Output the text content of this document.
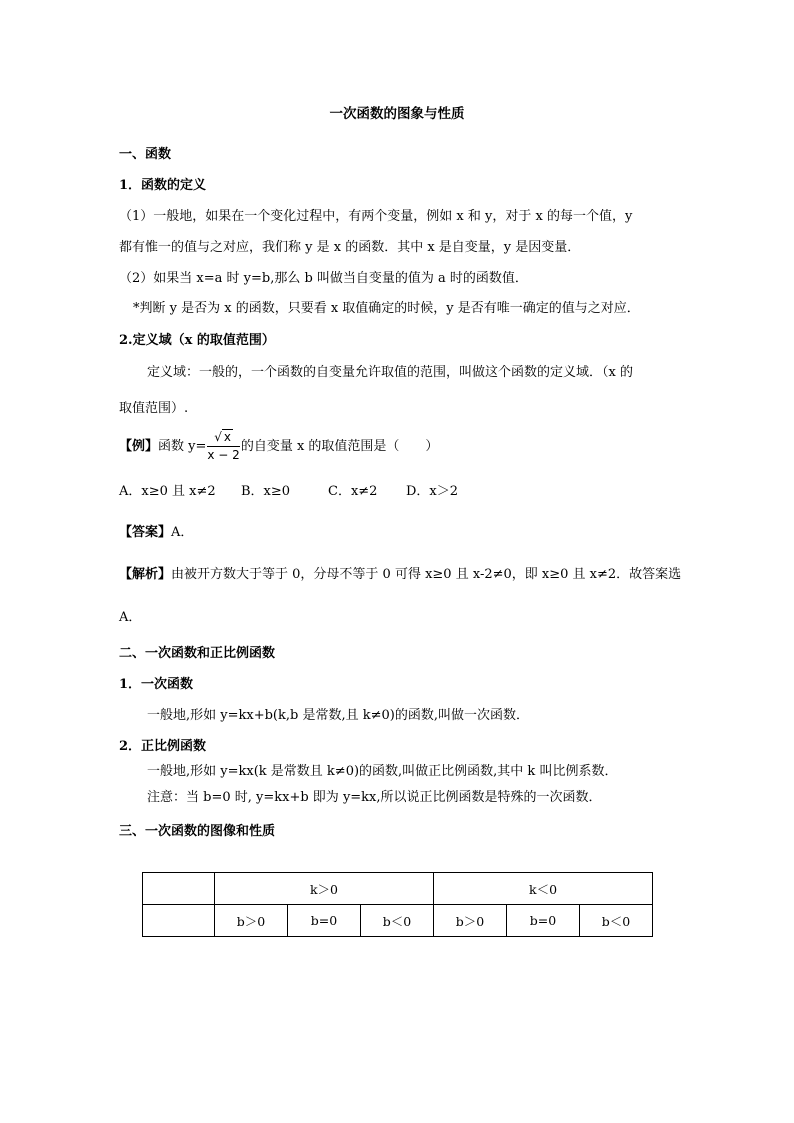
一次函数的图象与性质
一、函数
1．函数的定义
（1）一般地，如果在一个变化过程中，有两个变量，例如 x 和 y，对于 x 的每一个值，y
都有惟一的值与之对应，我们称 y 是 x 的函数．其中 x 是自变量，y 是因变量．
（2）如果当 x=a 时 y=b,那么 b 叫做当自变量的值为 a 时的函数值．
*判断 y 是否为 x 的函数，只要看 x 取值确定的时候，y 是否有唯一确定的值与之对应．
2.定义域（x 的取值范围）
定义域：一般的，一个函数的自变量允许取值的范围，叫做这个函数的定义域．（x 的
取值范围）.
【例】函数 $y= \frac{√ x}{x - 2}$ 的自变量 x 的取值范围是（　　）
A．x≥0 且 x≠2 B．x≥0	C．x≠2 D．x＞2
【答案】A．
【解析】由被开方数大于等于 0，分母不等于 0 可得 x≥0 且 x-2≠0，即 x≥0 且 x≠2．故答案选
A．
二、一次函数和正比例函数
1．一次函数
一般地,形如 y=kx+b(k,b 是常数,且 k≠0)的函数,叫做一次函数．
2．正比例函数
一般地,形如 y=kx(k 是常数且 k≠0)的函数,叫做正比例函数,其中 k 叫比例系数．
注意：当 b=0 时, y=kx+b 即为 y=kx,所以说正比例函数是特殊的一次函数．
三、一次函数的图像和性质
	k＞0			k＜0		
	b＞0	b=0	b＜0	b＞0	b=0	b＜0
